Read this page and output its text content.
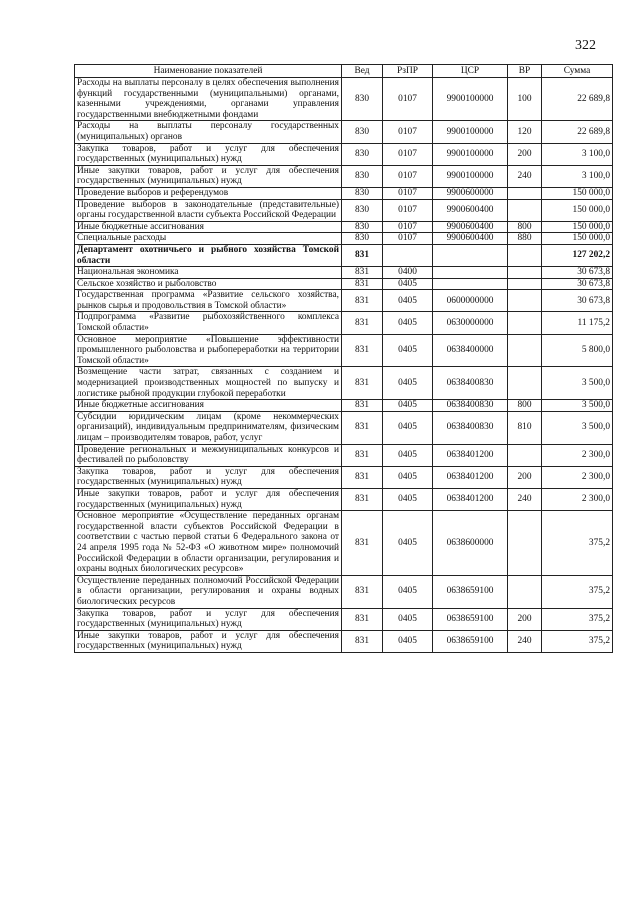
322
Наименование показателей	Вед	РзПР	ЦСР	ВР	Сумма
Расходы на выплаты персоналу в целях обеспечения выполнения функций государственными (муниципальными) органами, казенными учреждениями, органами управления государственными внебюджетными фондами	830	0107	9900100000	100	22 689,8
Расходы на выплаты персоналу государственных (муниципальных) органов	830	0107	9900100000	120	22 689,8
Закупка товаров, работ и услуг для обеспечения государственных (муниципальных) нужд	830	0107	9900100000	200	3 100,0
Иные закупки товаров, работ и услуг для обеспечения государственных (муниципальных) нужд	830	0107	9900100000	240	3 100,0
Проведение выборов и референдумов	830	0107	9900600000		150 000,0
Проведение выборов в законодательные (представительные) органы государственной власти субъекта Российской Федерации	830	0107	9900600400		150 000,0
Иные бюджетные ассигнования	830	0107	9900600400	800	150 000,0
Специальные расходы	830	0107	9900600400	880	150 000,0
Департамент охотничьего и рыбного хозяйства Томской области	831				127 202,2
Национальная экономика	831	0400			30 673,8
Сельское хозяйство и рыболовство	831	0405			30 673,8
Государственная программа «Развитие сельского хозяйства, рынков сырья и продовольствия в Томской области»	831	0405	0600000000		30 673,8
Подпрограмма «Развитие рыбохозяйственного комплекса Томской области»	831	0405	0630000000		11 175,2
Основное мероприятие «Повышение эффективности промышленного рыболовства и рыбопереработки на территории Томской области»	831	0405	0638400000		5 800,0
Возмещение части затрат, связанных с созданием и модернизацией производственных мощностей по выпуску и логистике рыбной продукции глубокой переработки	831	0405	0638400830		3 500,0
Иные бюджетные ассигнования	831	0405	0638400830	800	3 500,0
Субсидии юридическим лицам (кроме некоммерческих организаций), индивидуальным предпринимателям, физическим лицам – производителям товаров, работ, услуг	831	0405	0638400830	810	3 500,0
Проведение региональных и межмуниципальных конкурсов и фестивалей по рыболовству	831	0405	0638401200		2 300,0
Закупка товаров, работ и услуг для обеспечения государственных (муниципальных) нужд	831	0405	0638401200	200	2 300,0
Иные закупки товаров, работ и услуг для обеспечения государственных (муниципальных) нужд	831	0405	0638401200	240	2 300,0
Основное мероприятие «Осуществление переданных органам государственной власти субъектов Российской Федерации в соответствии с частью первой статьи 6 Федерального закона от 24 апреля 1995 года № 52-ФЗ «О животном мире» полномочий Российской Федерации в области организации, регулирования и охраны водных биологических ресурсов»	831	0405	0638600000		375,2
Осуществление переданных полномочий Российской Федерации в области организации, регулирования и охраны водных биологических ресурсов	831	0405	0638659100		375,2
Закупка товаров, работ и услуг для обеспечения государственных (муниципальных) нужд	831	0405	0638659100	200	375,2
Иные закупки товаров, работ и услуг для обеспечения государственных (муниципальных) нужд	831	0405	0638659100	240	375,2
